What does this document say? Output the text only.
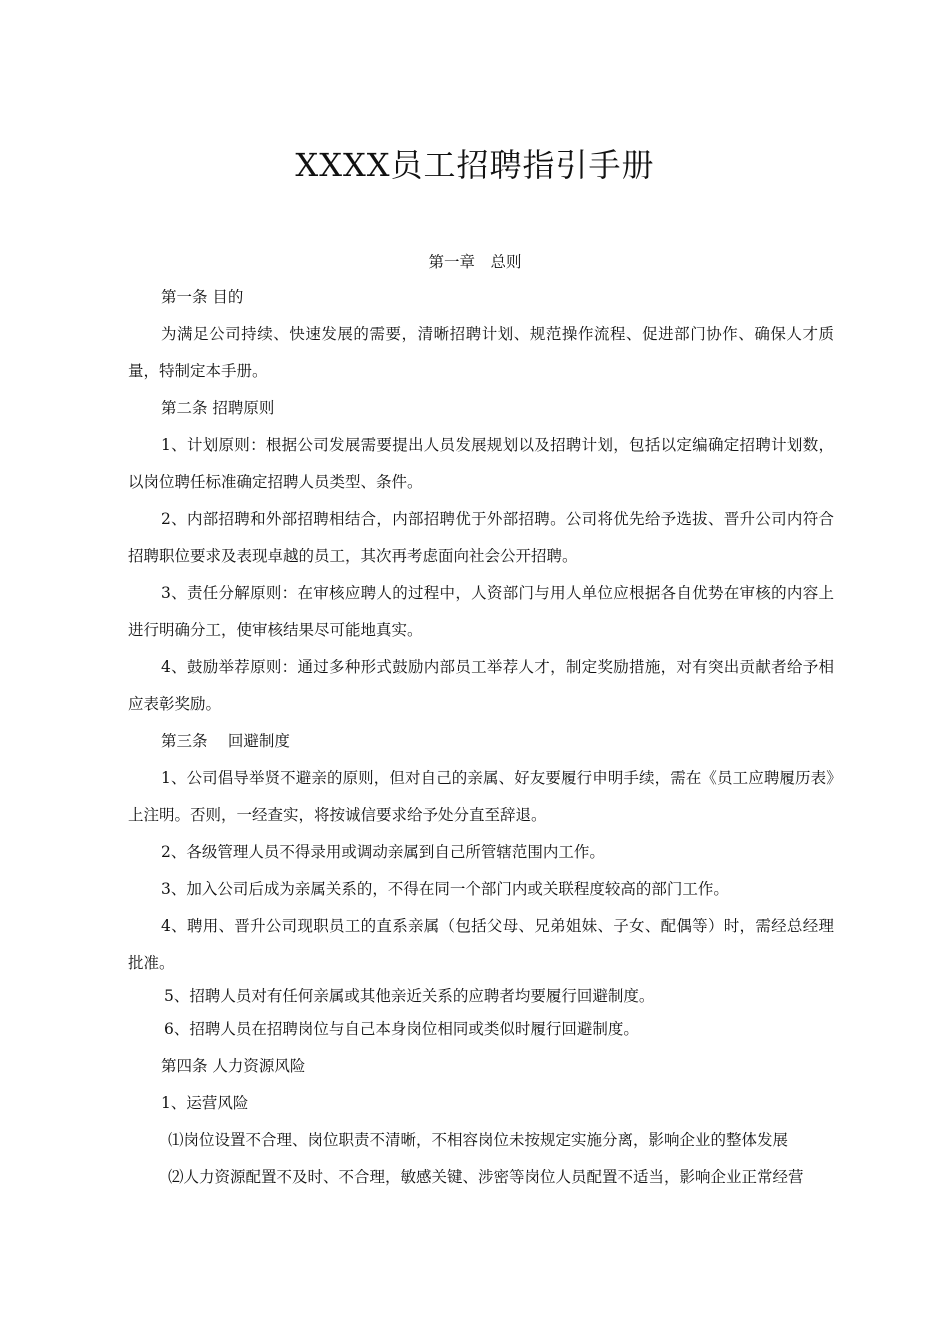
XXXX员工招聘指引手册
第一章　总则

第一条 目的

为满足公司持续、快速发展的需要，清晰招聘计划、规范操作流程、促进部门协作、确保人才质量，特制定本手册。

第二条 招聘原则

1、计划原则：根据公司发展需要提出人员发展规划以及招聘计划，包括以定编确定招聘计划数，以岗位聘任标准确定招聘人员类型、条件。

2、内部招聘和外部招聘相结合，内部招聘优于外部招聘。公司将优先给予选拔、晋升公司内符合招聘职位要求及表现卓越的员工，其次再考虑面向社会公开招聘。

3、责任分解原则：在审核应聘人的过程中，人资部门与用人单位应根据各自优势在审核的内容上进行明确分工，使审核结果尽可能地真实。

4、鼓励举荐原则：通过多种形式鼓励内部员工举荐人才，制定奖励措施，对有突出贡献者给予相应表彰奖励。

第三条　 回避制度

1、公司倡导举贤不避亲的原则，但对自己的亲属、好友要履行申明手续，需在《员工应聘履历表》上注明。否则，一经查实，将按诚信要求给予处分直至辞退。

2、各级管理人员不得录用或调动亲属到自己所管辖范围内工作。

3、加入公司后成为亲属关系的，不得在同一个部门内或关联程度较高的部门工作。

4、聘用、晋升公司现职员工的直系亲属（包括父母、兄弟姐妹、子女、配偶等）时，需经总经理批准。

5、招聘人员对有任何亲属或其他亲近关系的应聘者均要履行回避制度。

6、招聘人员在招聘岗位与自己本身岗位相同或类似时履行回避制度。

第四条 人力资源风险

1、运营风险

⑴岗位设置不合理、岗位职责不清晰，不相容岗位未按规定实施分离，影响企业的整体发展

⑵人力资源配置不及时、不合理，敏感关键、涉密等岗位人员配置不适当，影响企业正常经营
